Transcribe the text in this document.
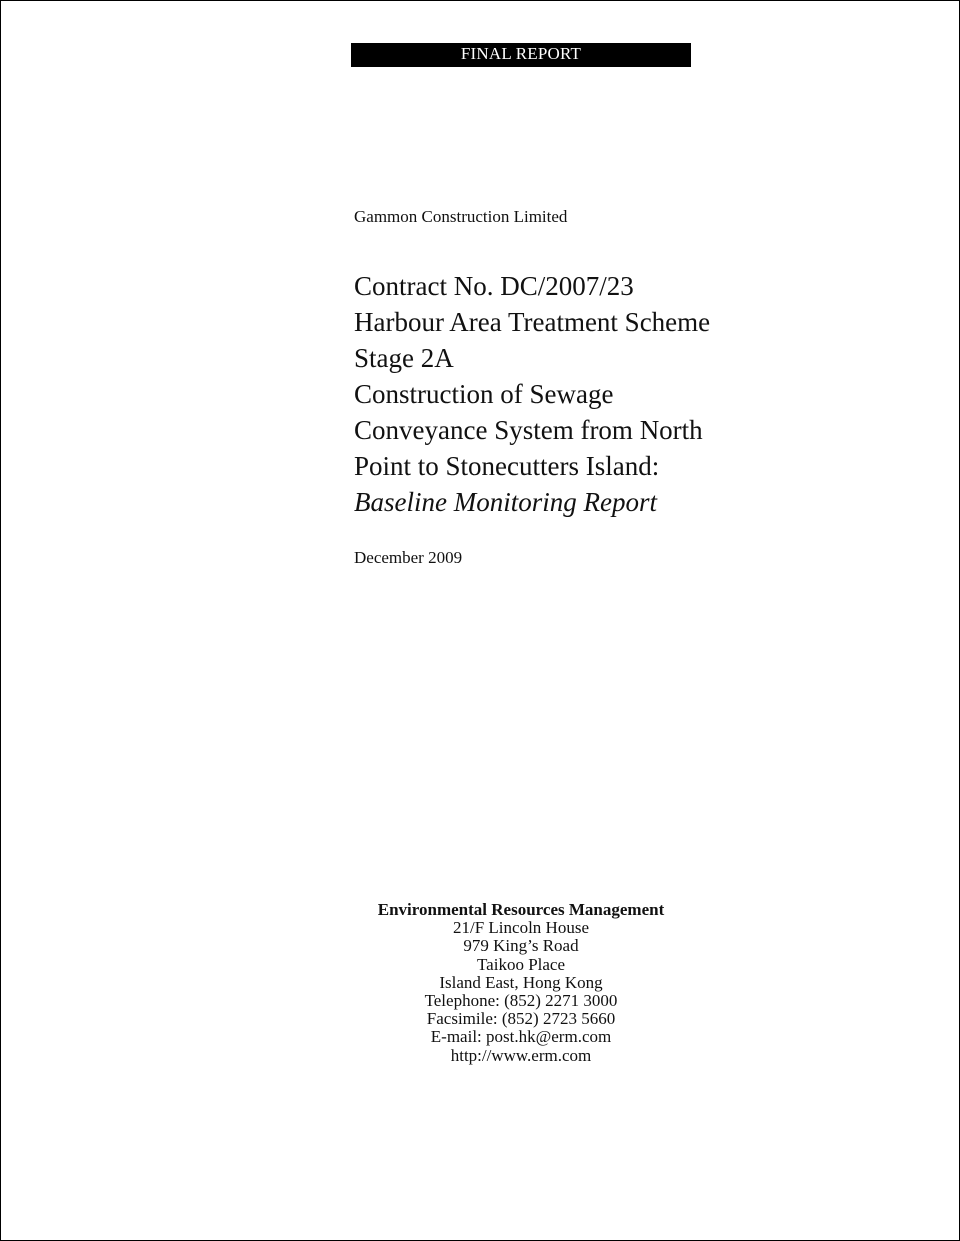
FINAL REPORT
Gammon Construction Limited
Contract No. DC/2007/23
Harbour Area Treatment Scheme
Stage 2A
Construction of Sewage
Conveyance System from North
Point to Stonecutters Island:
Baseline Monitoring Report
December 2009
Environmental Resources Management
21/F Lincoln House
979 King’s Road
Taikoo Place
Island East, Hong Kong
Telephone: (852) 2271 3000
Facsimile: (852) 2723 5660
E-mail: post.hk@erm.com
http://www.erm.com
